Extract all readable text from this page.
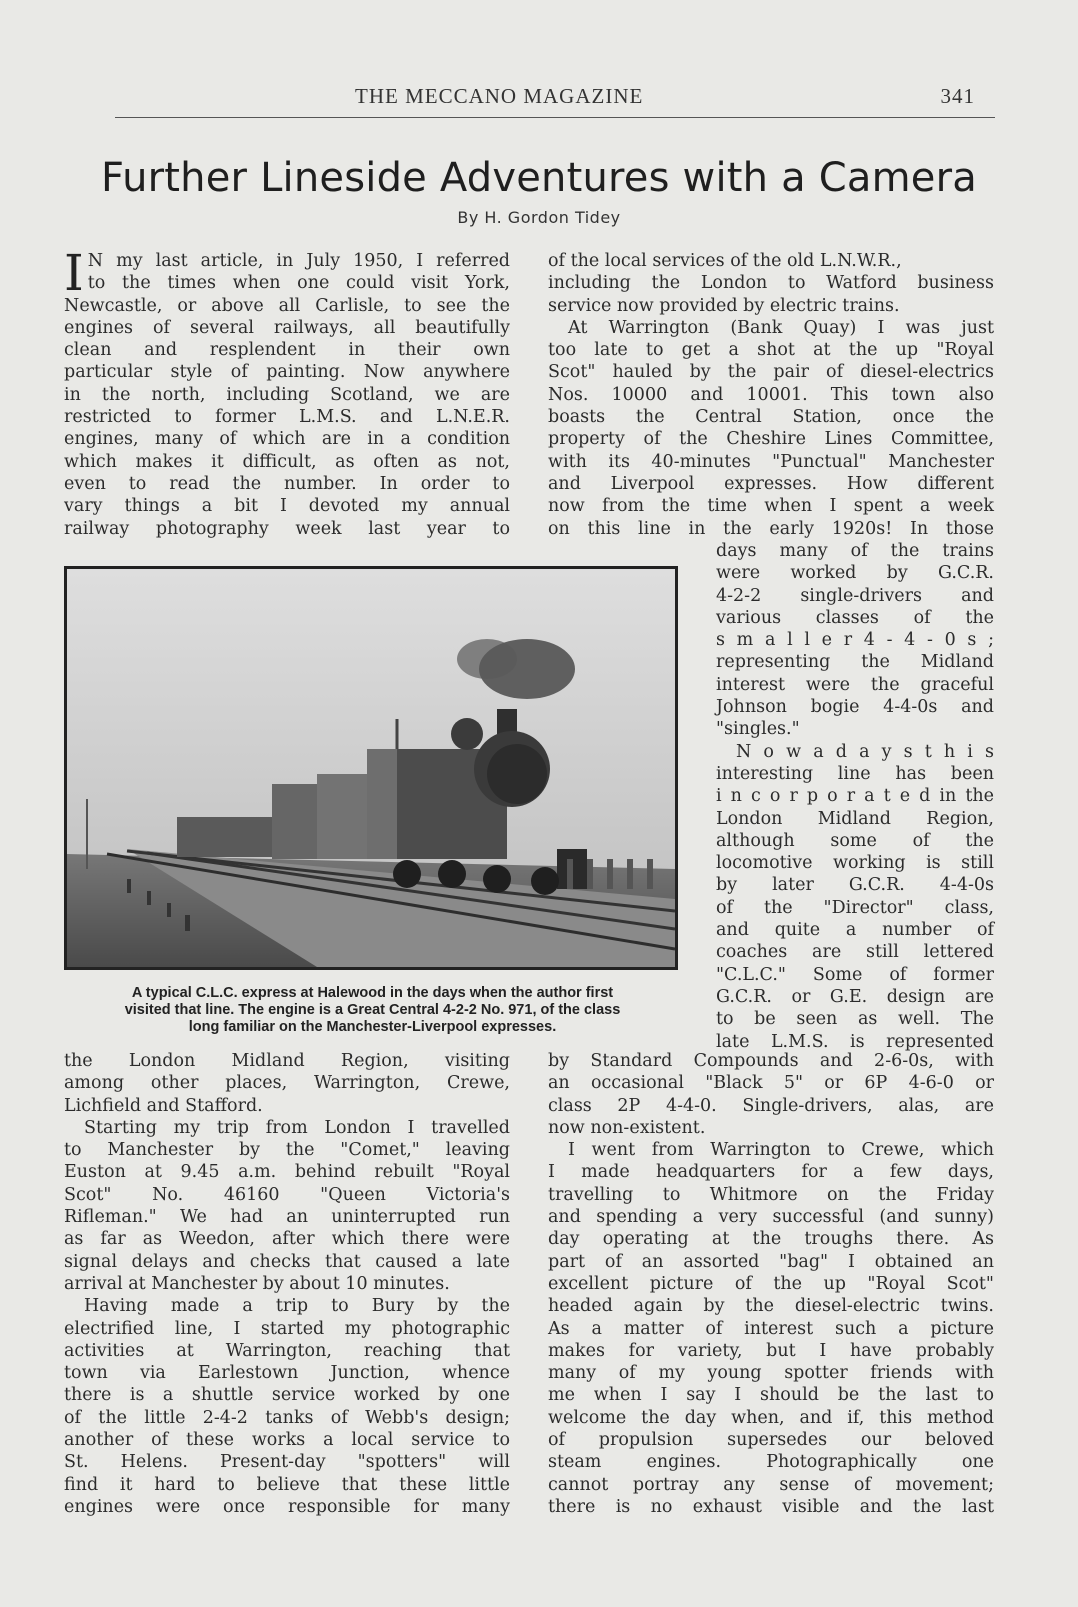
THE MECCANO MAGAZINE	341
Further Lineside Adventures with a Camera
By H. Gordon Tidey
I N my last article, in July 1950, I referred

to the times when one could visit York,

Newcastle, or above all Carlisle, to see the

engines of several railways, all beautifully

clean and resplendent in their own

particular style of painting. Now anywhere

in the north, including Scotland, we are

restricted to former L.M.S. and L.N.E.R.

engines, many of which are in a condition

which makes it difficult, as often as not,

even to read the number. In order to

vary things a bit I devoted my annual

railway photography week last year to

of the local services of the old L.N.W.R.,

including the London to Watford business

service now provided by electric trains.

At Warrington (Bank Quay) I was just

too late to get a shot at the up "Royal

Scot" hauled by the pair of diesel-electrics

Nos. 10000 and 10001. This town also

boasts the Central Station, once the

property of the Cheshire Lines Committee,

with its 40-minutes "Punctual" Manchester

and Liverpool expresses. How different

now from the time when I spent a week

on this line in the early 1920s! In those

days many of the trains

were worked by G.C.R.

4-2-2 single-drivers and

various classes of the

s m a l l e r 4 - 4 - 0 s ;

representing the Midland

interest were the graceful

Johnson bogie 4-4-0s and

"singles."

N o w a d a y s t h i s

interesting line has been

i n c o r p o r a t e d in the

London Midland Region,

although some of the

locomotive working is still

by later G.C.R. 4-4-0s

of the "Director" class,

and quite a number of

coaches are still lettered

"C.L.C." Some of former

G.C.R. or G.E. design are

to be seen as well. The

late L.M.S. is represented

A typical C.L.C. express at Halewood in the days when the author first
visited that line. The engine is a Great Central 4-2-2 No. 971, of the class
long familiar on the Manchester-Liverpool expresses.

the London Midland Region, visiting

among other places, Warrington, Crewe,

Lichfield and Stafford.

Starting my trip from London I travelled

to Manchester by the "Comet," leaving

Euston at 9.45 a.m. behind rebuilt "Royal

Scot" No. 46160 "Queen Victoria's

Rifleman." We had an uninterrupted run

as far as Weedon, after which there were

signal delays and checks that caused a late

arrival at Manchester by about 10 minutes.

Having made a trip to Bury by the

electrified line, I started my photographic

activities at Warrington, reaching that

town via Earlestown Junction, whence

there is a shuttle service worked by one

of the little 2-4-2 tanks of Webb's design;

another of these works a local service to

St. Helens. Present-day "spotters" will

find it hard to believe that these little

engines were once responsible for many

by Standard Compounds and 2-6-0s, with

an occasional "Black 5" or 6P 4-6-0 or

class 2P 4-4-0. Single-drivers, alas, are

now non-existent.

I went from Warrington to Crewe, which

I made headquarters for a few days,

travelling to Whitmore on the Friday

and spending a very successful (and sunny)

day operating at the troughs there. As

part of an assorted "bag" I obtained an

excellent picture of the up "Royal Scot"

headed again by the diesel-electric twins.

As a matter of interest such a picture

makes for variety, but I have probably

many of my young spotter friends with

me when I say I should be the last to

welcome the day when, and if, this method

of propulsion supersedes our beloved

steam engines. Photographically one

cannot portray any sense of movement;

there is no exhaust visible and the last
